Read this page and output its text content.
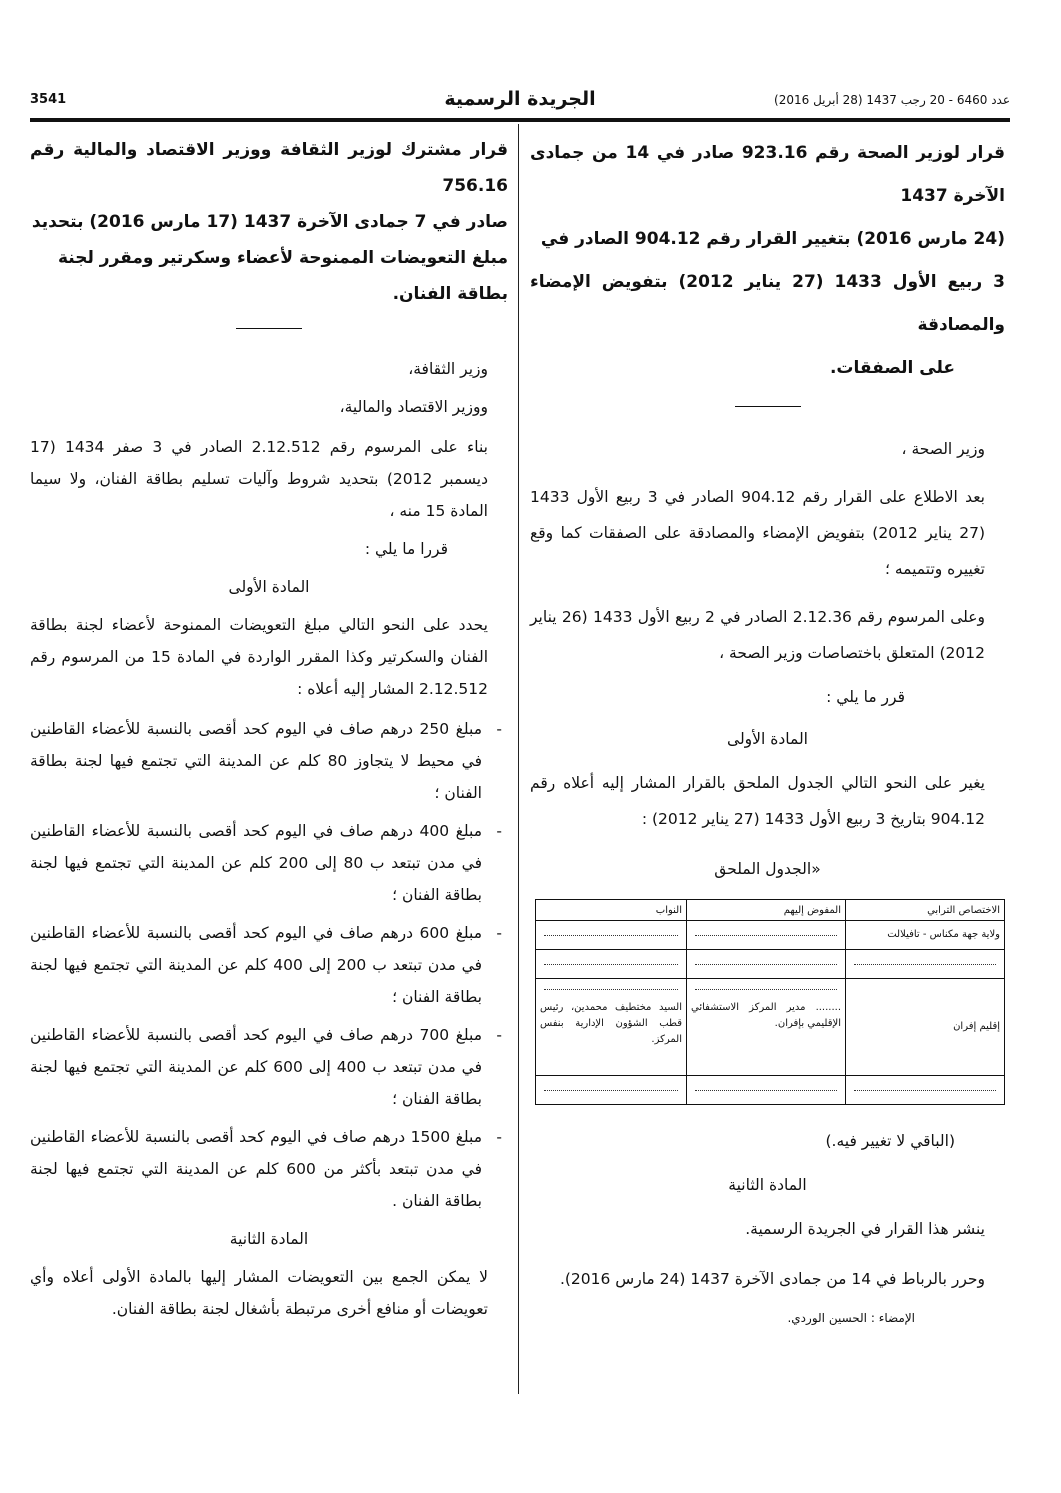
3541	الجريدة الرسمية	عدد 6460 - 20 رجب 1437 (28 أبريل 2016)

قرار لوزير الصحة رقم 923.16 صادر في 14 من جمادى الآخرة 1437

(24 مارس 2016) بتغيير القرار رقم 904.12 الصادر في

3 ربيع الأول 1433 (27 يناير 2012) بتفويض الإمضاء والمصادقة

على الصفقات.

وزير الصحة ،

بعد الاطلاع على القرار رقم 904.12 الصادر في 3 ربيع الأول 1433 (27 يناير 2012) بتفويض الإمضاء والمصادقة على الصفقات كما وقع تغييره وتتميمه ؛

وعلى المرسوم رقم 2.12.36 الصادر في 2 ربيع الأول 1433 (26 يناير 2012) المتعلق باختصاصات وزير الصحة ،

قرر ما يلي :

المادة الأولى

يغير على النحو التالي الجدول الملحق بالقرار المشار إليه أعلاه رقم 904.12 بتاريخ 3 ربيع الأول 1433 (27 يناير 2012) :

«الجدول الملحق

الاختصاص الترابي	المفوض إليهم	النواب
ولاية جهة مكناس - تافيلالت	

إقليم إفران	........ مدير المركز الاستشفائي الإقليمي بإفران.	السيد مختطيف محمدين، رئيس قطب الشؤون الإدارية بنفس المركز.

(الباقي لا تغيير فيه.)

المادة الثانية

ينشر هذا القرار في الجريدة الرسمية.

وحرر بالرباط في 14 من جمادى الآخرة 1437 (24 مارس 2016).

الإمضاء : الحسين الوردي.

قرار مشترك لوزير الثقافة ووزير الاقتصاد والمالية رقم 756.16

صادر في 7 جمادى الآخرة 1437 (17 مارس 2016) بتحديد

مبلغ التعويضات الممنوحة لأعضاء وسكرتير ومقرر لجنة

بطاقة الفنان.

وزير الثقافة،

ووزير الاقتصاد والمالية،

بناء على المرسوم رقم 2.12.512 الصادر في 3 صفر 1434 (17 ديسمبر 2012) بتحديد شروط وآليات تسليم بطاقة الفنان، ولا سيما المادة 15 منه ،

قررا ما يلي :

المادة الأولى

يحدد على النحو التالي مبلغ التعويضات الممنوحة لأعضاء لجنة بطاقة الفنان والسكرتير وكذا المقرر الواردة في المادة 15 من المرسوم رقم 2.12.512 المشار إليه أعلاه :

-
مبلغ 250 درهم صاف في اليوم كحد أقصى بالنسبة للأعضاء القاطنين في محيط لا يتجاوز 80 كلم عن المدينة التي تجتمع فيها لجنة بطاقة الفنان ؛

-
مبلغ 400 درهم صاف في اليوم كحد أقصى بالنسبة للأعضاء القاطنين في مدن تبتعد ب 80 إلى 200 كلم عن المدينة التي تجتمع فيها لجنة بطاقة الفنان ؛

-
مبلغ 600 درهم صاف في اليوم كحد أقصى بالنسبة للأعضاء القاطنين في مدن تبتعد ب 200 إلى 400 كلم عن المدينة التي تجتمع فيها لجنة بطاقة الفنان ؛

-
مبلغ 700 درهم صاف في اليوم كحد أقصى بالنسبة للأعضاء القاطنين في مدن تبتعد ب 400 إلى 600 كلم عن المدينة التي تجتمع فيها لجنة بطاقة الفنان ؛

-
مبلغ 1500 درهم صاف في اليوم كحد أقصى بالنسبة للأعضاء القاطنين في مدن تبتعد بأكثر من 600 كلم عن المدينة التي تجتمع فيها لجنة بطاقة الفنان .

المادة الثانية

لا يمكن الجمع بين التعويضات المشار إليها بالمادة الأولى أعلاه وأي تعويضات أو منافع أخرى مرتبطة بأشغال لجنة بطاقة الفنان.
